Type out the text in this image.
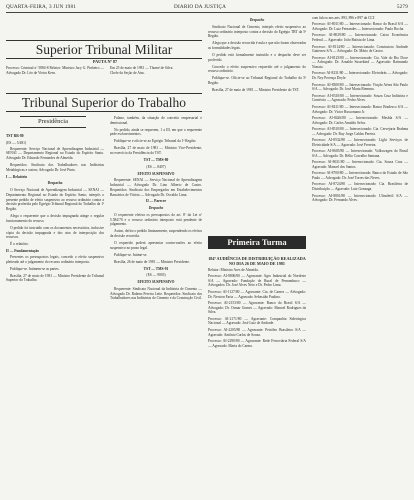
QUARTA-FEIRA, 3 JUN 1981	DIARIO DA JUSTIÇA	5279
Superior Tribunal Militar
PAUTA Nº 87
Processo: Criminal nº 5884-8 Relator: Ministro Jacy G. Pinheiro — Advogado Dr. Léo de Vieira Kern.
Em 25 de maio de 1981 — Thomé de Silva.
Chefe da Seção de Atas.
Tribunal Superior do Trabalho
Presidência

TST RR-80

(ES — 5/481)

Requerente: Serviço Nacional de Aprendizagem Industrial — SENAI — Departamento Regional no Estado do Espírito Santo. Advogado Dr. Eduardo Fernandes de Almeida.

Requeridos: Sindicato dos Trabalhadores nas Indústrias Metalúrgicas e outros; Advogado Dr. José Pinto.

I — Relatório

Despacho

O Serviço Nacional de Aprendizagem Industrial — SENAI — Departamento Regional no Estado do Espírito Santo, interpôs o presente pedido de efeito suspensivo ao recurso ordinário contra a decisão proferida pelo Egrégio Tribunal Regional do Trabalho da 1ª Região.

Alega o requerente que a decisão impugnada atinge o regular funcionamento do recurso.

O pedido foi instruído com os documentos necessários, inclusive cópia da decisão impugnada e dos atos de interposição dos recursos.

É o relatório.

II — Fundamentação

Presentes os pressupostos legais, concedo o efeito suspensivo pleiteado até o julgamento do recurso ordinário interposto.

Publique-se. Intimem-se as partes.

Brasília, 27 de maio de 1981 — Ministro Presidente do Tribunal Superior do Trabalho.

Fulano, também, da situação de conceito empresarial e demissional.

No pedido, ainda se requerem, 1 a III, em que o requerente pede esclarecimentos.

Publique-se e oficie-se ao Egrégio Tribunal da 1ª Região.

Brasília, 27 de maio de 1981 — Ministro Vice-Presidente, no exercício da Presidência do TST.

TST — TMS-80

(ES — 8407)

EFEITO SUSPENSIVO

Requerente: SENAI — Serviço Nacional de Aprendizagem Industrial — Advogado Dr. Lino Alberto de Castro. Requeridos: Sindicato dos Empregados em Estabelecimentos Bancários de Vitória — Advogado Dr. Osvaldo Lima.

II — Parecer

Despacho

O requerente efetiva os pressupostos do art. 8º da Lei nº 5.584/70 e o recurso ordinário interposto está pendente de julgamento.

Assim, defiro o pedido liminarmente, suspendendo os efeitos da decisão recorrida.

O requerido poderá apresentar contra-razões ao efeito suspensivo no prazo legal.

Publique-se. Intime-se.

Brasília, 26 de maio de 1981 — Ministro Presidente.

TST — TMS-91

(ES — 9003)

EFEITO SUSPENSIVO

Requerente: Sindicato Nacional da Indústria de Cimento — Advogado Dr. Rubens Pereira Leite. Requeridos: Sindicato dos Trabalhadores nas Indústrias do Cimento e da Construção Civil.

Despacho

Sindicato Nacional de Cimento, interpôs efeito suspensivo ao recurso ordinário interposto contra a decisão do Egrégio TRT da 5ª Região.

Alega que a decisão recorrida é nula e que não foram observadas as formalidades legais.

O pedido está formalmente instruído e o despacho deve ser proferido.

Concedo o efeito suspensivo requerido até o julgamento do recurso ordinário.

Publique-se. Oficie-se ao Tribunal Regional do Trabalho da 5ª Região.

Brasília, 27 de maio de 1981 — Ministro Presidente do TST.

Primeira Turma

184ª AUDIÊNCIA DE DISTRIBUIÇÃO REALIZADA NO DIA 26 DE MAIO DE 1981

Relator: Ministro Ares de Almeida.

Processo: AI-8806/80 — Agravante: Agro Industrial do Nordeste S/A — Agravado: Fundação de Rural de Pernambuco — Advogados: Dr. José Alves Neto e Dr. Pedro Lima.

Processo: AI-1127/80 — Agravante: Cia. de Carnes — Advogado: Dr. Newton Faria — Agravado: Sebastião Paulino.

Processo: AI-2153/80 — Agravante: Banco do Brasil S/A — Advogado: Dr. Osmar Gomes — Agravado: Manoel Rodrigues da Silva.

Processo: AI-2171/80 — Agravante: Companhia Siderúrgica Nacional — Agravado: José Luiz de Andrade.

Processo: AI-2205/80 — Agravante: Petróleo Brasileiro S/A — Agravado: Antônio Carlos de Souza.

Processo: AI-2290/80 — Agravante: Rede Ferroviária Federal S/A — Agravado: Maria do Carmo.

com fulcro nos arts. 893, 896 e 897 da CLT.

Processo: AI-8011/80 — Intersecionado: Banco do Brasil S/A — Advogado: Dr. Luiz Fernandes — Intersecionado: Paulo Rocha.

Processo: AI-8029/80 — Intersecionado: Caixa Econômica Federal — Agravado: João Batista de Lima.

Processo: AI-8114/80 — Intersecionado: Construtora Andrade Gutierrez S/A — Advogado: Dr. Mário de Castro.

Processo: AI-8125/80 — Intersecionado: Cia. Vale do Rio Doce — Advogado: Dr. Arnaldo Sussekind — Agravado: Raimundo Nonato.

Processo: AI-8231/80 — Intersecionado: Eletrobrás — Advogado: Dr. Ney Proença Doyle.

Processo: AI-8300/80 — Intersecionado: Viação Aérea São Paulo S/A — Advogado: Dr. José Maria Riemma.

Processo: AI-8310/80 — Intersecionado: Souza Cruz Indústria e Comércio — Agravado: Pedro Alves.

Processo: AI-8411/80 — Intersecionado: Banco Bradesco S/A — Advogado: Dr. Victor Russomano Jr.

Processo: AI-8426/80 — Intersecionado: Mesbla S/A — Advogado: Dr. Carlos Arnaldo Selva.

Processo: AI-8510/80 — Intersecionado: Cia. Cervejaria Brahma — Advogado: Dr. Ruy Jorge Caldas Pereira.

Processo: AI-8532/80 — Intersecionado: Light Serviços de Eletricidade S/A — Agravado: José Ferreira.

Processo: AI-8605/80 — Intersecionado: Volkswagen do Brasil S/A — Advogado: Dr. Hélio Carvalho Santana.

Processo: AI-8631/80 — Intersecionado: Cia. Souza Cruz — Agravado: Manoel dos Santos.

Processo: AI-8700/80 — Intersecionado: Banco do Estado de São Paulo — Advogado: Dr. José Torres das Neves.

Processo: AI-8724/80 — Intersecionado: Cia. Brasileira de Distribuição — Agravado: Luiz Gonzaga.

Processo: AI-8801/80 — Intersecionado: Ultrafértil S/A — Advogado: Dr. Fernando Alves.
